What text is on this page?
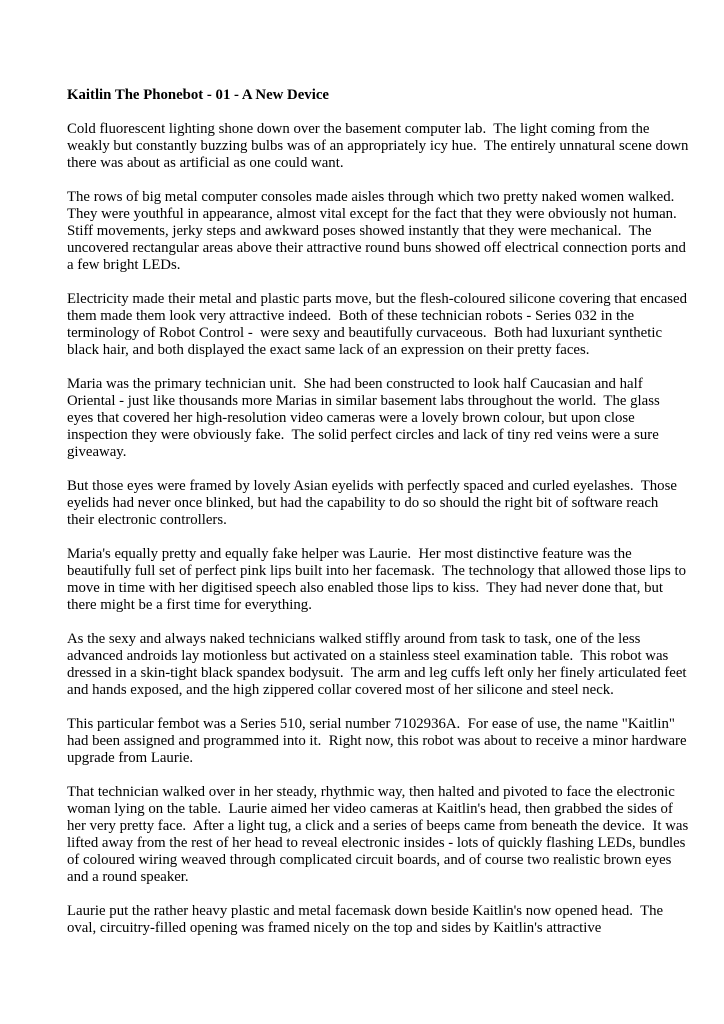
Kaitlin The Phonebot - 01 - A New Device

Cold fluorescent lighting shone down over the basement computer lab.  The light coming from the weakly but constantly buzzing bulbs was of an appropriately icy hue.  The entirely unnatural scene down there was about as artificial as one could want.

The rows of big metal computer consoles made aisles through which two pretty naked women walked.  They were youthful in appearance, almost vital except for the fact that they were obviously not human.  Stiff movements, jerky steps and awkward poses showed instantly that they were mechanical.  The uncovered rectangular areas above their attractive round buns showed off electrical connection ports and a few bright LEDs.

Electricity made their metal and plastic parts move, but the flesh-coloured silicone covering that encased them made them look very attractive indeed.  Both of these technician robots - Series 032 in the terminology of Robot Control -  were sexy and beautifully curvaceous.  Both had luxuriant synthetic black hair, and both displayed the exact same lack of an expression on their pretty faces.

Maria was the primary technician unit.  She had been constructed to look half Caucasian and half Oriental - just like thousands more Marias in similar basement labs throughout the world.  The glass eyes that covered her high-resolution video cameras were a lovely brown colour, but upon close inspection they were obviously fake.  The solid perfect circles and lack of tiny red veins were a sure giveaway.

But those eyes were framed by lovely Asian eyelids with perfectly spaced and curled eyelashes.  Those eyelids had never once blinked, but had the capability to do so should the right bit of software reach their electronic controllers.

Maria's equally pretty and equally fake helper was Laurie.  Her most distinctive feature was the beautifully full set of perfect pink lips built into her facemask.  The technology that allowed those lips to move in time with her digitised speech also enabled those lips to kiss.  They had never done that, but there might be a first time for everything.

As the sexy and always naked technicians walked stiffly around from task to task, one of the less advanced androids lay motionless but activated on a stainless steel examination table.  This robot was dressed in a skin-tight black spandex bodysuit.  The arm and leg cuffs left only her finely articulated feet and hands exposed, and the high zippered collar covered most of her silicone and steel neck.

This particular fembot was a Series 510, serial number 7102936A.  For ease of use, the name "Kaitlin" had been assigned and programmed into it.  Right now, this robot was about to receive a minor hardware upgrade from Laurie.

That technician walked over in her steady, rhythmic way, then halted and pivoted to face the electronic woman lying on the table.  Laurie aimed her video cameras at Kaitlin's head, then grabbed the sides of her very pretty face.  After a light tug, a click and a series of beeps came from beneath the device.  It was lifted away from the rest of her head to reveal electronic insides - lots of quickly flashing LEDs, bundles of coloured wiring weaved through complicated circuit boards, and of course two realistic brown eyes and a round speaker.

Laurie put the rather heavy plastic and metal facemask down beside Kaitlin's now opened head.  The oval, circuitry-filled opening was framed nicely on the top and sides by Kaitlin's attractive
